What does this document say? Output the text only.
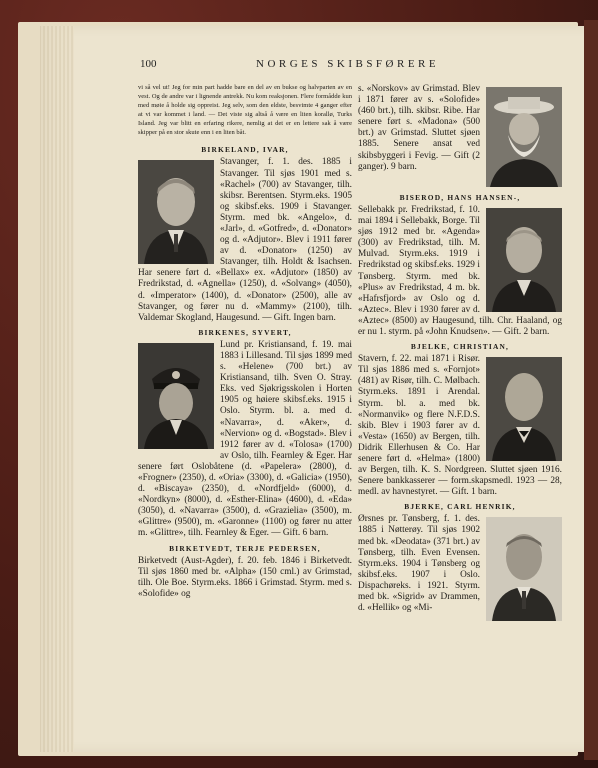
100	NORGES SKIBSFØRERE

vi så vel ut! Jeg for min part hadde bare en del av en bukse og halvparten av en vest. Og de andre var i lignende antrekk. Nu kom reaksjonen. Flere formådde kun med møie å holde sig oppreist. Jeg selv, som den eldste, besvimte 4 ganger efter at vi var kommet i land. — Det viste sig altså å være en liten korallø, Turks Island. Jeg var blitt en erfaring rikere, nemlig at det er en lettere sak å være skipper på en stor skute enn i en liten båt.

BIRKELAND, IVAR,

Stavanger, f. 1. des. 1885 i Stavanger. Til sjøs 1901 med s. «Rachel» (700) av Stavanger, tilh. skibsr. Berentsen. Styrm.eks. 1905 og skibsf.eks. 1909 i Stavanger. Styrm. med bk. «Angelo», d. «Jarl», d. «Gotfred», d. «Donator» og d. «Adjutor». Blev i 1911 fører av d. «Donator» (1250) av Stavanger, tilh. Holdt & Isachsen. Har senere ført d. «Bellax» ex. «Adjutor» (1850) av Fredrikstad, d. «Agnella» (1250), d. «Solvang» (4050), d. «Imperator» (1400), d. «Donator» (2500), alle av Stavanger, og fører nu d. «Mammy» (2100), tilh. Valdemar Skogland, Haugesund. — Gift. Ingen barn.

BIRKENES, SYVERT,

Lund pr. Kristiansand, f. 19. mai 1883 i Lillesand. Til sjøs 1899 med s. «Helene» (700 brt.) av Kristiansand, tilh. Sven O. Stray. Eks. ved Sjøkrigsskolen i Horten 1905 og høiere skibsf.eks. 1915 i Oslo. Styrm. bl. a. med d. «Navarra», d. «Aker», d. «Nervion» og d. «Bogstad». Blev i 1912 fører av d. «Tolosa» (1700) av Oslo, tilh. Fearnley & Eger. Har senere ført Oslobåtene (d. «Papelera» (2800), d. «Frogner» (2350), d. «Oria» (3300), d. «Galicia» (1950), d. «Biscaya» (2350), d. «Nordfjeld» (6000), d. «Nordkyn» (8000), d. «Esther-Elina» (4600), d. «Eda» (3050), d. «Navarra» (3500), d. «Grazielia» (3500), m. «Glittre» (9500), m. «Garonne» (1100) og fører nu atter m. «Glittre», tilh. Fearnley & Eger. — Gift. 6 barn.

BIRKETVEDT, TERJE PEDERSEN,

Birketvedt (Aust-Agder), f. 20. feb. 1846 i Birketvedt. Til sjøs 1860 med br. «Alpha» (150 cml.) av Grimstad, tilh. Ole Boe. Styrm.eks. 1866 i Grimstad. Styrm. med s. «Solofide» og

s. «Norskov» av Grimstad. Blev i 1871 fører av s. «Solofide» (460 brt.), tilh. skibsr. Ribe. Har senere ført s. «Madona» (500 brt.) av Grimstad. Sluttet sjøen 1885. Senere ansat ved skibsbyggeri i Fevig. — Gift (2 ganger). 9 barn.

BISEROD, HANS HANSEN-,

Sellebakk pr. Fredrikstad, f. 10. mai 1894 i Sellebakk, Borge. Til sjøs 1912 med br. «Agenda» (300) av Fredrikstad, tilh. M. Mulvad. Styrm.eks. 1919 i Fredrikstad og skibsf.eks. 1929 i Tønsberg. Styrm. med bk. «Plus» av Fredrikstad, 4 m. bk. «Hafrsfjord» av Oslo og d. «Aztec». Blev i 1930 fører av d. «Aztec» (8500) av Haugesund, tilh. Chr. Haaland, og er nu 1. styrm. på «John Knudsen». — Gift. 2 barn.

BJELKE, CHRISTIAN,

Stavern, f. 22. mai 1871 i Risør. Til sjøs 1886 med s. «Fornjot» (481) av Risør, tilh. C. Mølbach. Styrm.eks. 1891 i Arendal. Styrm. bl. a. med bk. «Normanvik» og flere N.F.D.S. skib. Blev i 1903 fører av d. «Vesta» (1650) av Bergen, tilh. Didrik Ellerhusen & Co. Har senere ført d. «Helma» (1800) av Bergen, tilh. K. S. Nordgreen. Sluttet sjøen 1916. Senere bankkasserer — form.skapsmedl. 1923 — 28, medl. av havnestyret. — Gift. 1 barn.

BJERKE, CARL HENRIK,

Ørsnes pr. Tønsberg, f. 1. des. 1885 i Nøtterøy. Til sjøs 1902 med bk. «Deodata» (371 brt.) av Tønsberg, tilh. Even Evensen. Styrm.eks. 1904 i Tønsberg og skibsf.eks. 1907 i Oslo. Dispachøreks. i 1921. Styrm. med bk. «Sigrid» av Drammen, d. «Hellik» og «Mi-
